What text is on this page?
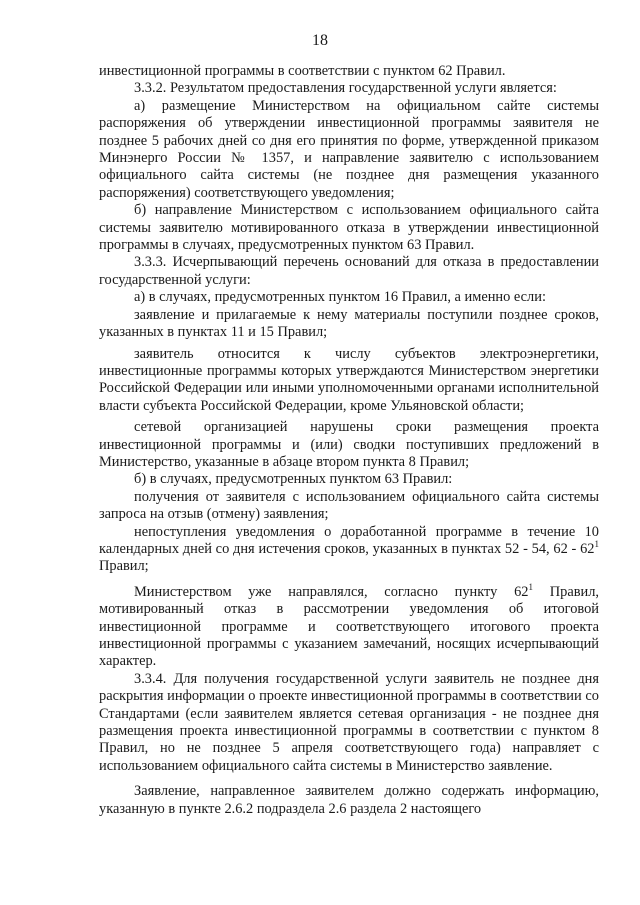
18

инвестиционной программы в соответствии с пунктом 62 Правил.

3.3.2. Результатом предоставления государственной услуги является:

а) размещение Министерством на официальном сайте системы распоряжения об утверждении инвестиционной программы заявителя не позднее 5 рабочих дней со дня его принятия по форме, утвержденной приказом Минэнерго России № 1357, и направление заявителю с использованием официального сайта системы (не позднее дня размещения указанного распоряжения) соответствующего уведомления;

б) направление Министерством с использованием официального сайта системы заявителю мотивированного отказа в утверждении инвестиционной программы в случаях, предусмотренных пунктом 63 Правил.

3.3.3. Исчерпывающий перечень оснований для отказа в предоставлении государственной услуги:

а) в случаях, предусмотренных пунктом 16 Правил, а именно если:

заявление и прилагаемые к нему материалы поступили позднее сроков, указанных в пунктах 11 и 15 Правил;

заявитель относится к числу субъектов электроэнергетики, инвестиционные программы которых утверждаются Министерством энергетики Российской Федерации или иными уполномоченными органами исполнительной власти субъекта Российской Федерации, кроме Ульяновской области;

сетевой организацией нарушены сроки размещения проекта инвестиционной программы и (или) сводки поступивших предложений в Министерство, указанные в абзаце втором пункта 8 Правил;

б) в случаях, предусмотренных пунктом 63 Правил:

получения от заявителя с использованием официального сайта системы запроса на отзыв (отмену) заявления;

непоступления уведомления о доработанной программе в течение 10 календарных дней со дня истечения сроков, указанных в пунктах 52 - 54, $62 - 62^1$ Правил;

Министерством уже направлялся, согласно пункту $62^1$ Правил, мотивированный отказ в рассмотрении уведомления об итоговой инвестиционной программе и соответствующего итогового проекта инвестиционной программы с указанием замечаний, носящих исчерпывающий характер.

3.3.4. Для получения государственной услуги заявитель не позднее дня раскрытия информации о проекте инвестиционной программы в соответствии со Стандартами (если заявителем является сетевая организация - не позднее дня размещения проекта инвестиционной программы в соответствии с пунктом 8 Правил, но не позднее 5 апреля соответствующего года) направляет с использованием официального сайта системы в Министерство заявление.

Заявление, направленное заявителем должно содержать информацию, указанную в пункте 2.6.2 подраздела 2.6 раздела 2 настоящего
